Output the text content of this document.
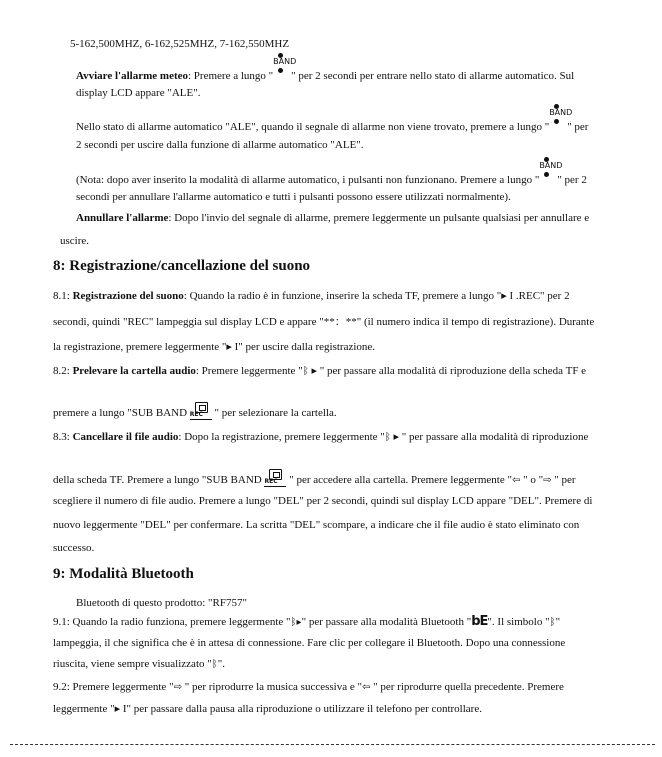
5-162,500MHZ, 6-162,525MHZ, 7-162,550MHZ
Avviare l'allarme meteo: Premere a lungo "
BAND
" per 2 secondi per entrare nello stato di allarme automatico. Sul
display LCD appare "ALE".
Nello stato di allarme automatico "ALE", quando il segnale di allarme non viene trovato, premere a lungo "
BAND
" per
2 secondi per uscire dalla funzione di allarme automatico "ALE".
(Nota: dopo aver inserito la modalità di allarme automatico, i pulsanti non funzionano. Premere a lungo "
BAND
" per 2
secondi per annullare l'allarme automatico e tutti i pulsanti possono essere utilizzati normalmente).
Annullare l'allarme: Dopo l'invio del segnale di allarme, premere leggermente un pulsante qualsiasi per annullare e
uscire.
8: Registrazione/cancellazione del suono
8.1: Registrazione del suono: Quando la radio è in funzione, inserire la scheda TF, premere a lungo "▸ I .REC" per 2
secondi, quindi "REC" lampeggia sul display LCD e appare "**：**" (il numero indica il tempo di registrazione). Durante
la registrazione, premere leggermente "▸ I" per uscire dalla registrazione.
8.2: Prelevare la cartella audio: Premere leggermente "ᛒ ▸ " per passare alla modalità di riproduzione della scheda TF e
premere a lungo "SUB BAND REC " per selezionare la cartella.
8.3: Cancellare il file audio: Dopo la registrazione, premere leggermente "ᛒ ▸ " per passare alla modalità di riproduzione
della scheda TF. Premere a lungo "SUB BAND REC " per accedere alla cartella. Premere leggermente "⇦ " o "⇨ " per
scegliere il numero di file audio. Premere a lungo "DEL" per 2 secondi, quindi sul display LCD appare "DEL". Premere di
nuovo leggermente "DEL" per confermare. La scritta "DEL" scompare, a indicare che il file audio è stato eliminato con
successo.
9: Modalità Bluetooth
Bluetooth di questo prodotto: "RF757"
9.1: Quando la radio funziona, premere leggermente "ᛒ▸" per passare alla modalità Bluetooth "bE". Il simbolo "ᛒ"
lampeggia, il che significa che è in attesa di connessione. Fare clic per collegare il Bluetooth. Dopo una connessione
riuscita, viene sempre visualizzato "ᛒ".
9.2: Premere leggermente "⇨ " per riprodurre la musica successiva e "⇦ " per riprodurre quella precedente. Premere
leggermente "▸ I" per passare dalla pausa alla riproduzione o utilizzare il telefono per controllare.
